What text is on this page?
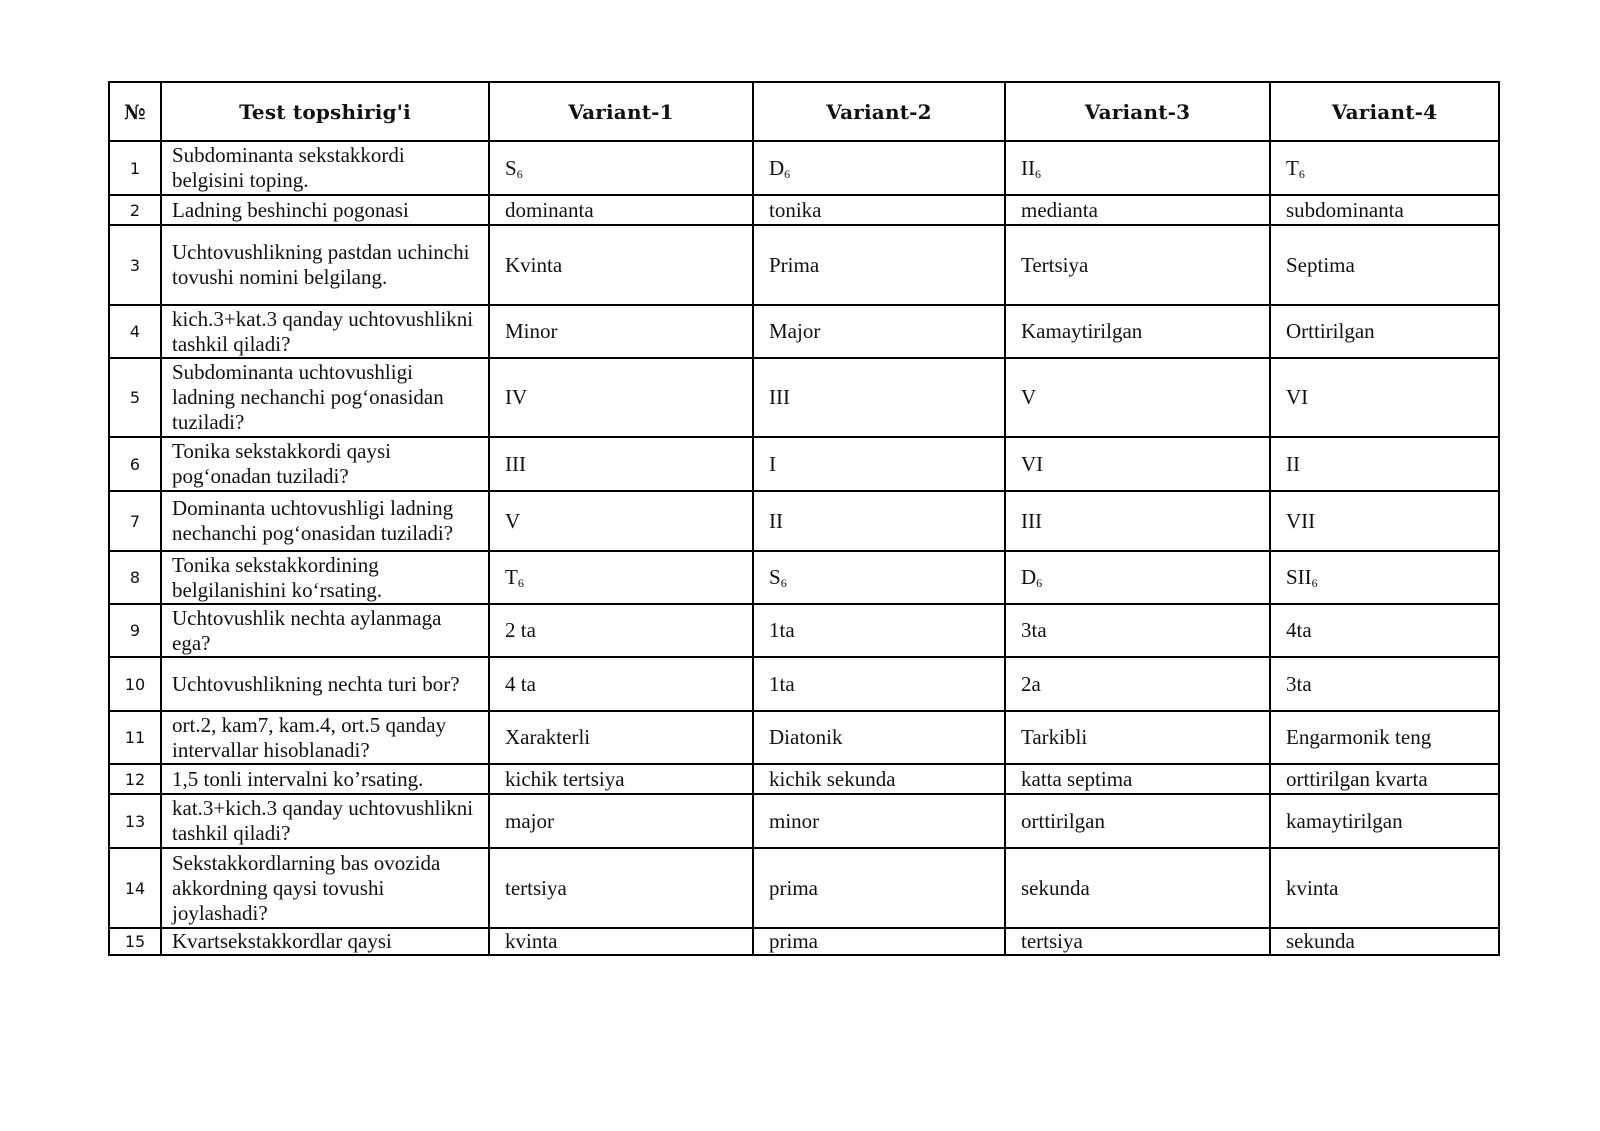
№	Test topshirig'i	Variant-1	Variant-2	Variant-3	Variant-4
1	Subdominanta sekstakkordi belgisini toping.	$S_6$	$D_6$	$II_6$	$T_6$
2	Ladning beshinchi pogonasi	dominanta	tonika	medianta	subdominanta
3	Uchtovushlikning pastdan uchinchi tovushi nomini belgilang.	Kvinta	Prima	Tertsiya	Septima
4	kich.3+kat.3 qanday uchtovushlikni tashkil qiladi?	Minor	Major	Kamaytirilgan	Orttirilgan
5	Subdominanta uchtovushligi ladning nechanchi pog‘onasidan tuziladi?	IV	III	V	VI
6	Tonika sekstakkordi qaysi pog‘onadan tuziladi?	III	I	VI	II
7	Dominanta uchtovushligi ladning nechanchi pog‘onasidan tuziladi?	V	II	III	VII
8	Tonika sekstakkordining belgilanishini ko‘rsating.	$T_6$	$S_6$	$D_6$	$SII_6$
9	Uchtovushlik nechta aylanmaga ega?	2 ta	1ta	3ta	4ta
10	Uchtovushlikning nechta turi bor?	4 ta	1ta	2a	3ta
11	ort.2, kam7, kam.4, ort.5 qanday intervallar hisoblanadi?	Xarakterli	Diatonik	Tarkibli	Engarmonik teng
12	1,5 tonli intervalni ko’rsating.	kichik tertsiya	kichik sekunda	katta septima	orttirilgan kvarta
13	kat.3+kich.3 qanday uchtovushlikni tashkil qiladi?	major	minor	orttirilgan	kamaytirilgan
14	Sekstakkordlarning bas ovozida akkordning qaysi tovushi joylashadi?	tertsiya	prima	sekunda	kvinta
15	Kvartsekstakkordlar qaysi	kvinta	prima	tertsiya	sekunda
